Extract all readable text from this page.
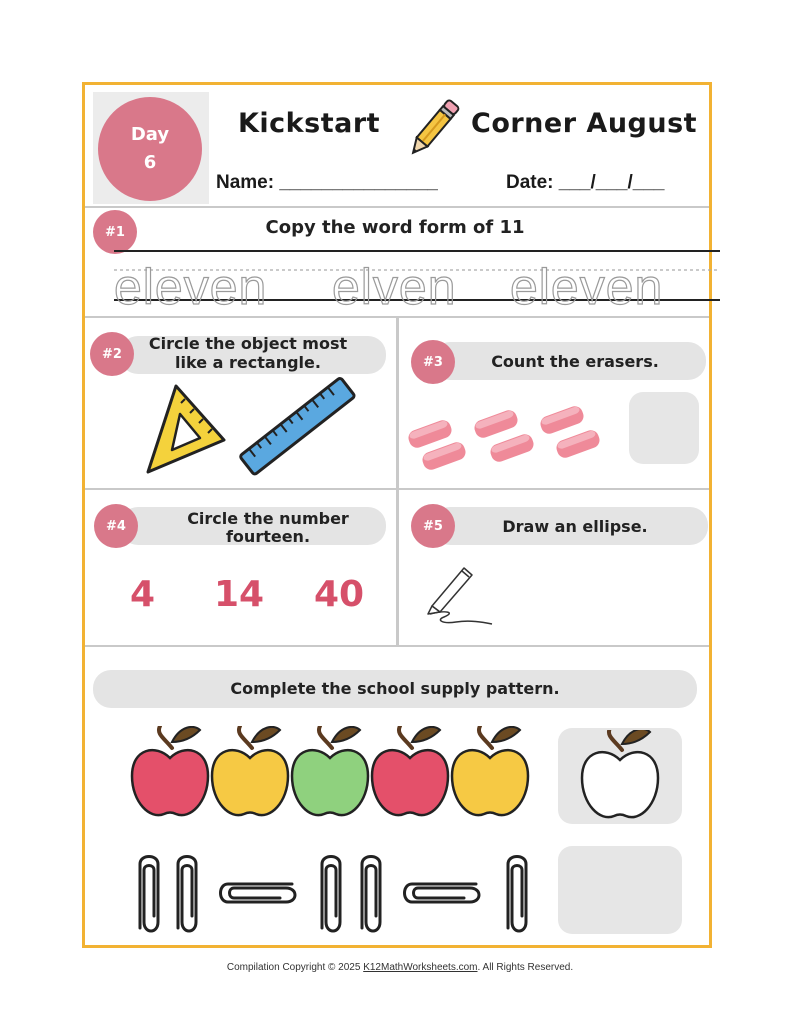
Day
6
Kickstart	Corner August
Name: _______________	Date: ___/___/___
#1	Copy the word form of 11
eleven elven eleven
#2
Circle the object most
like a rectangle.	#3	Count the erasers.
#4	Circle the number
fourteen.
4 14 40
#5	Draw an ellipse.
Complete the school supply pattern.
Compilation Copyright © 2025 K12MathWorksheets.com. All Rights Reserved.
